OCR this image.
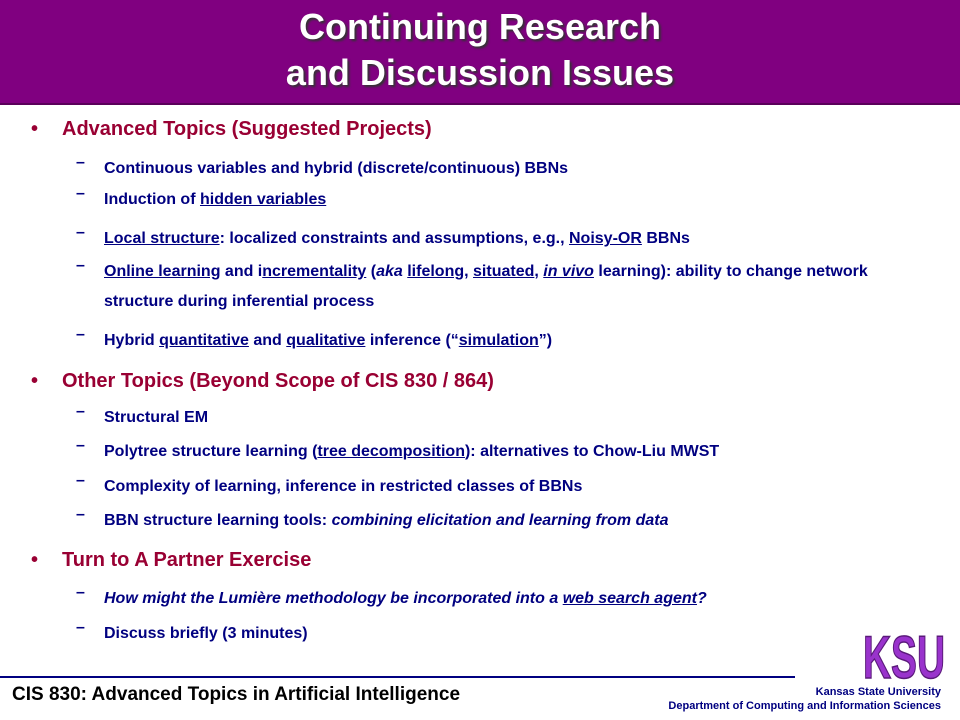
Continuing Research
and Discussion Issues
• Advanced Topics (Suggested Projects)
– Continuous variables and hybrid (discrete/continuous) BBNs
– Induction of hidden variables
– Local structure: localized constraints and assumptions, e.g., Noisy-OR BBNs
– Online learning and incrementality (aka lifelong, situated, in vivo learning): ability to change network structure during inferential process
– Hybrid quantitative and qualitative inference (“simulation”)
• Other Topics (Beyond Scope of CIS 830 / 864)
– Structural EM
– Polytree structure learning (tree decomposition): alternatives to Chow-Liu MWST
– Complexity of learning, inference in restricted classes of BBNs
– BBN structure learning tools: combining elicitation and learning from data
• Turn to A Partner Exercise
– How might the Lumière methodology be incorporated into a web search agent?
– Discuss briefly (3 minutes)
CIS 830: Advanced Topics in Artificial Intelligence	Kansas State University
Department of Computing and Information Sciences
KSU
